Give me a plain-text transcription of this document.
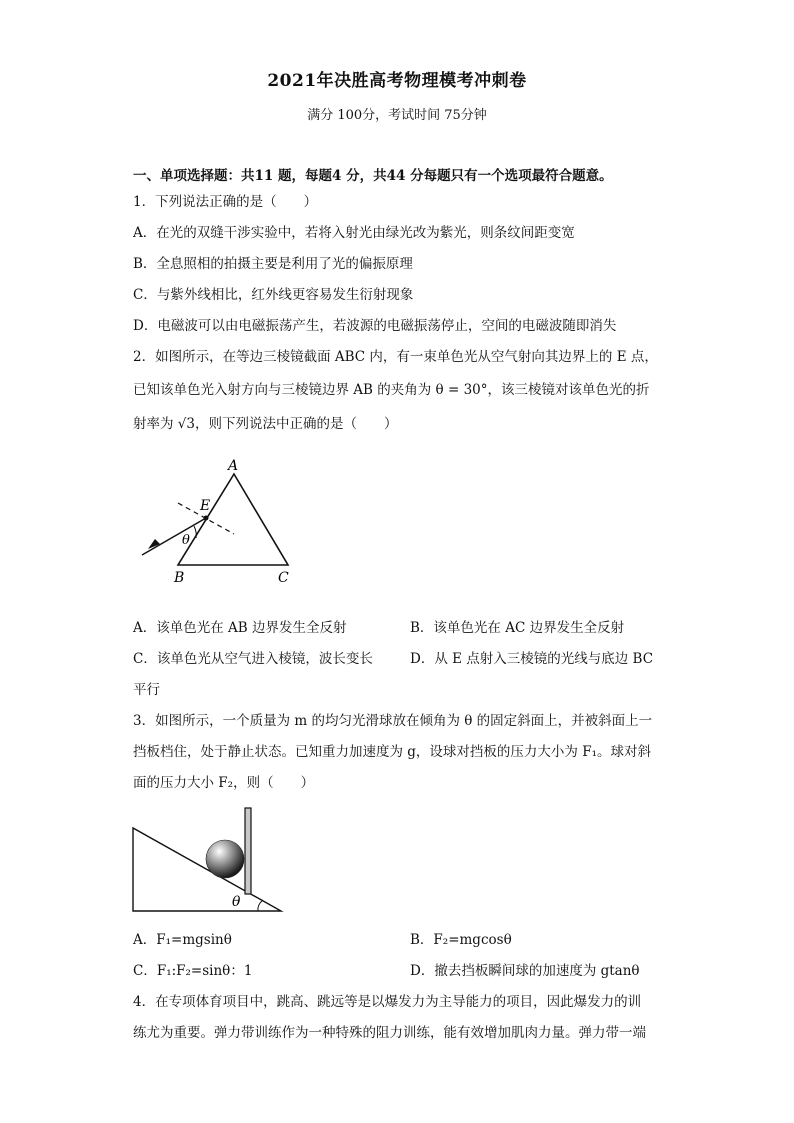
2021年决胜高考物理模考冲刺卷
满分 100分，考试时间 75分钟
一、单项选择题：共11 题，每题4 分，共44 分每题只有一个选项最符合题意。
1．下列说法正确的是（　　）
A．在光的双缝干涉实验中，若将入射光由绿光改为紫光，则条纹间距变宽
B．全息照相的拍摄主要是利用了光的偏振原理
C．与紫外线相比，红外线更容易发生衍射现象
D．电磁波可以由电磁振荡产生，若波源的电磁振荡停止，空间的电磁波随即消失
2．如图所示，在等边三棱镜截面 ABC 内，有一束单色光从空气射向其边界上的 E 点，
已知该单色光入射方向与三棱镜边界 AB 的夹角为 θ = 30°，该三棱镜对该单色光的折
射率为 √3，则下列说法中正确的是（　　）
A
B	C
E
θ
A．该单色光在 AB 边界发生全反射	B．该单色光在 AC 边界发生全反射
C．该单色光从空气进入棱镜，波长变长	D．从 E 点射入三棱镜的光线与底边 BC
平行
3．如图所示，一个质量为 m 的均匀光滑球放在倾角为 θ 的固定斜面上，并被斜面上一
挡板档住，处于静止状态。已知重力加速度为 g，设球对挡板的压力大小为 F₁。球对斜
面的压力大小 F₂，则（　　）
θ
A．F₁=mgsinθ	B．F₂=mgcosθ
C．F₁:F₂=sinθ：1	D．撤去挡板瞬间球的加速度为 gtanθ
4．在专项体育项目中，跳高、跳远等是以爆发力为主导能力的项目，因此爆发力的训
练尤为重要。弹力带训练作为一种特殊的阻力训练，能有效增加肌肉力量。弹力带一端
